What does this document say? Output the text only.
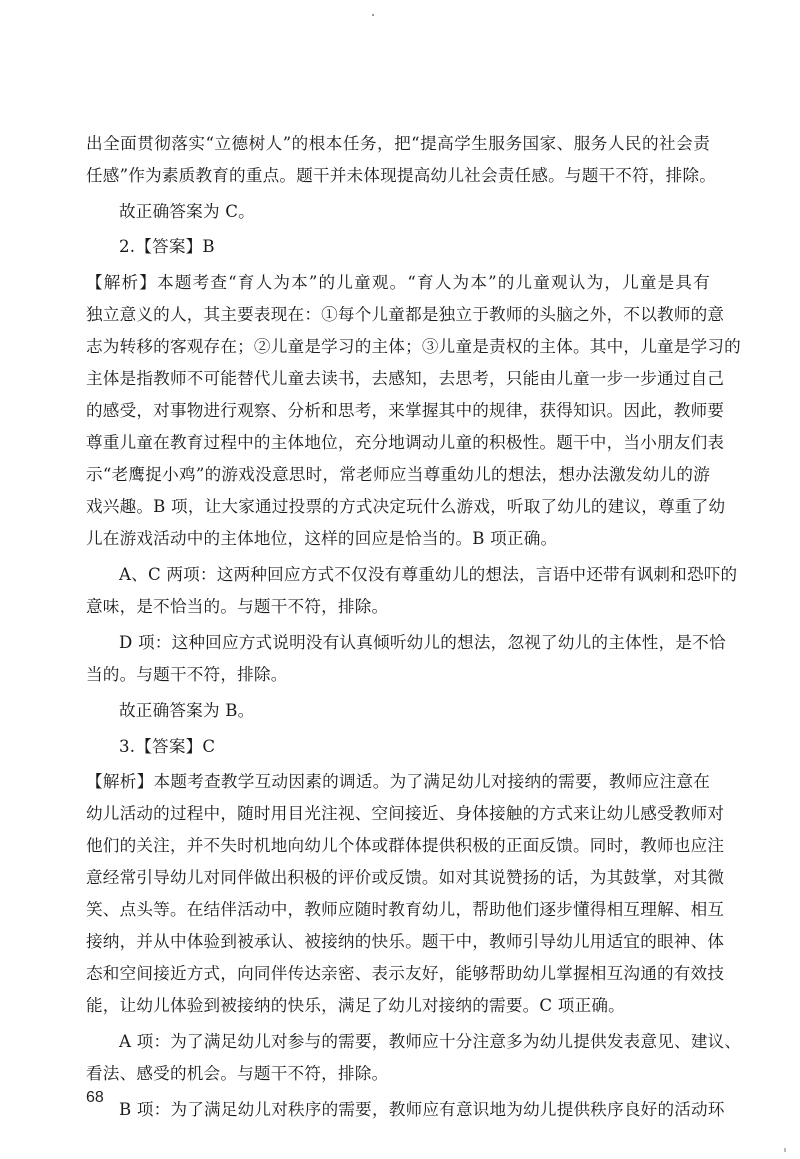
出全面贯彻落实“立德树人”的根本任务，把“提高学生服务国家、服务人民的社会责
任感”作为素质教育的重点。题干并未体现提高幼儿社会责任感。与题干不符，排除。
故正确答案为 C。
2.【答案】B
【解析】本题考查“育人为本”的儿童观。“育人为本”的儿童观认为，儿童是具有
独立意义的人，其主要表现在：①每个儿童都是独立于教师的头脑之外，不以教师的意
志为转移的客观存在；②儿童是学习的主体；③儿童是责权的主体。其中，儿童是学习的
主体是指教师不可能替代儿童去读书，去感知，去思考，只能由儿童一步一步通过自己
的感受，对事物进行观察、分析和思考，来掌握其中的规律，获得知识。因此，教师要
尊重儿童在教育过程中的主体地位，充分地调动儿童的积极性。题干中，当小朋友们表
示“老鹰捉小鸡”的游戏没意思时，常老师应当尊重幼儿的想法，想办法激发幼儿的游
戏兴趣。B 项，让大家通过投票的方式决定玩什么游戏，听取了幼儿的建议，尊重了幼
儿在游戏活动中的主体地位，这样的回应是恰当的。B 项正确。
A、C 两项：这两种回应方式不仅没有尊重幼儿的想法，言语中还带有讽刺和恐吓的
意味，是不恰当的。与题干不符，排除。
D 项：这种回应方式说明没有认真倾听幼儿的想法，忽视了幼儿的主体性，是不恰
当的。与题干不符，排除。
故正确答案为 B。
3.【答案】C
【解析】本题考查教学互动因素的调适。为了满足幼儿对接纳的需要，教师应注意在
幼儿活动的过程中，随时用目光注视、空间接近、身体接触的方式来让幼儿感受教师对
他们的关注，并不失时机地向幼儿个体或群体提供积极的正面反馈。同时，教师也应注
意经常引导幼儿对同伴做出积极的评价或反馈。如对其说赞扬的话，为其鼓掌，对其微
笑、点头等。在结伴活动中，教师应随时教育幼儿，帮助他们逐步懂得相互理解、相互
接纳，并从中体验到被承认、被接纳的快乐。题干中，教师引导幼儿用适宜的眼神、体
态和空间接近方式，向同伴传达亲密、表示友好，能够帮助幼儿掌握相互沟通的有效技
能，让幼儿体验到被接纳的快乐，满足了幼儿对接纳的需要。C 项正确。
A 项：为了满足幼儿对参与的需要，教师应十分注意多为幼儿提供发表意见、建议、
看法、感受的机会。与题干不符，排除。
B 项：为了满足幼儿对秩序的需要，教师应有意识地为幼儿提供秩序良好的活动环
68
